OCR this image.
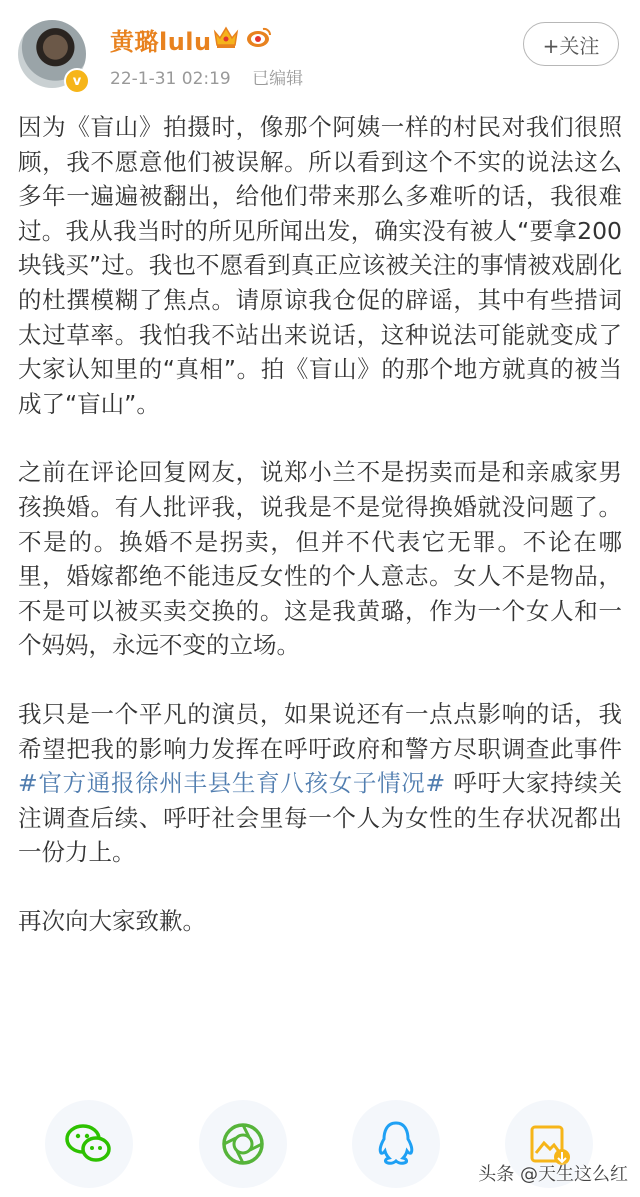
v
黄璐lulu
22-1-31 02:19 已编辑
+关注

因为《盲山》拍摄时，像那个阿姨一样的村民对我们很照顾，我不愿意他们被误解。所以看到这个不实的说法这么多年一遍遍被翻出，给他们带来那么多难听的话，我很难过。我从我当时的所见所闻出发，确实没有被人“要拿200块钱买”过。我也不愿看到真正应该被关注的事情被戏剧化的杜撰模糊了焦点。请原谅我仓促的辟谣，其中有些措词太过草率。我怕我不站出来说话，这种说法可能就变成了大家认知里的“真相”。拍《盲山》的那个地方就真的被当成了“盲山”。

之前在评论回复网友，说郑小兰不是拐卖而是和亲戚家男孩换婚。有人批评我，说我是不是觉得换婚就没问题了。不是的。换婚不是拐卖，但并不代表它无罪。不论在哪里，婚嫁都绝不能违反女性的个人意志。女人不是物品，不是可以被买卖交换的。这是我黄璐，作为一个女人和一个妈妈，永远不变的立场。

我只是一个平凡的演员，如果说还有一点点影响的话，我希望把我的影响力发挥在呼吁政府和警方尽职调查此事件#官方通报徐州丰县生育八孩女子情况# 呼吁大家持续关注调查后续、呼吁社会里每一个人为女性的生存状况都出一份力上。

再次向大家致歉。

头条 @天生这么红
